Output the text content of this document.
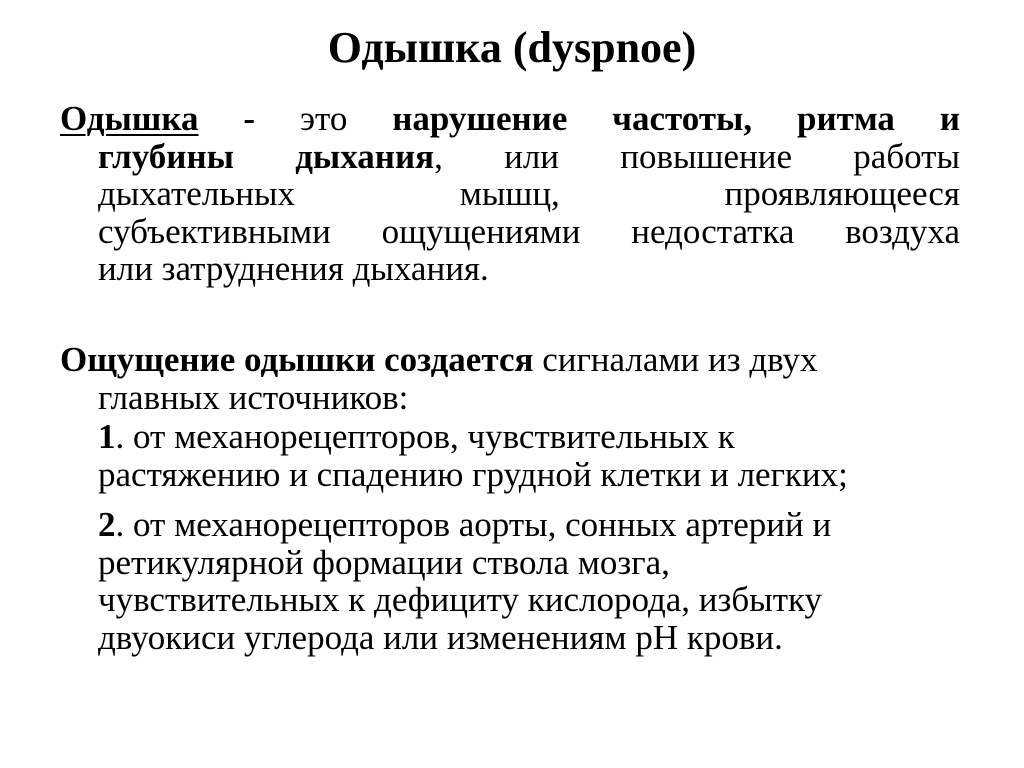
Одышка (dyspnoe)
Одышка - это нарушение частоты, ритма и
глубины дыхания, или повышение работы
дыхательных мышц, проявляющееся
субъективными ощущениями недостатка воздуха
или затруднения дыхания.
Ощущение одышки создается сигналами из двух
главных источников:
1. от механорецепторов, чувствительных к
растяжению и спадению грудной клетки и легких;
2. от механорецепторов аорты, сонных артерий и
ретикулярной формации ствола мозга,
чувствительных к дефициту кислорода, избытку
двуокиси углерода или изменениям рН крови.
